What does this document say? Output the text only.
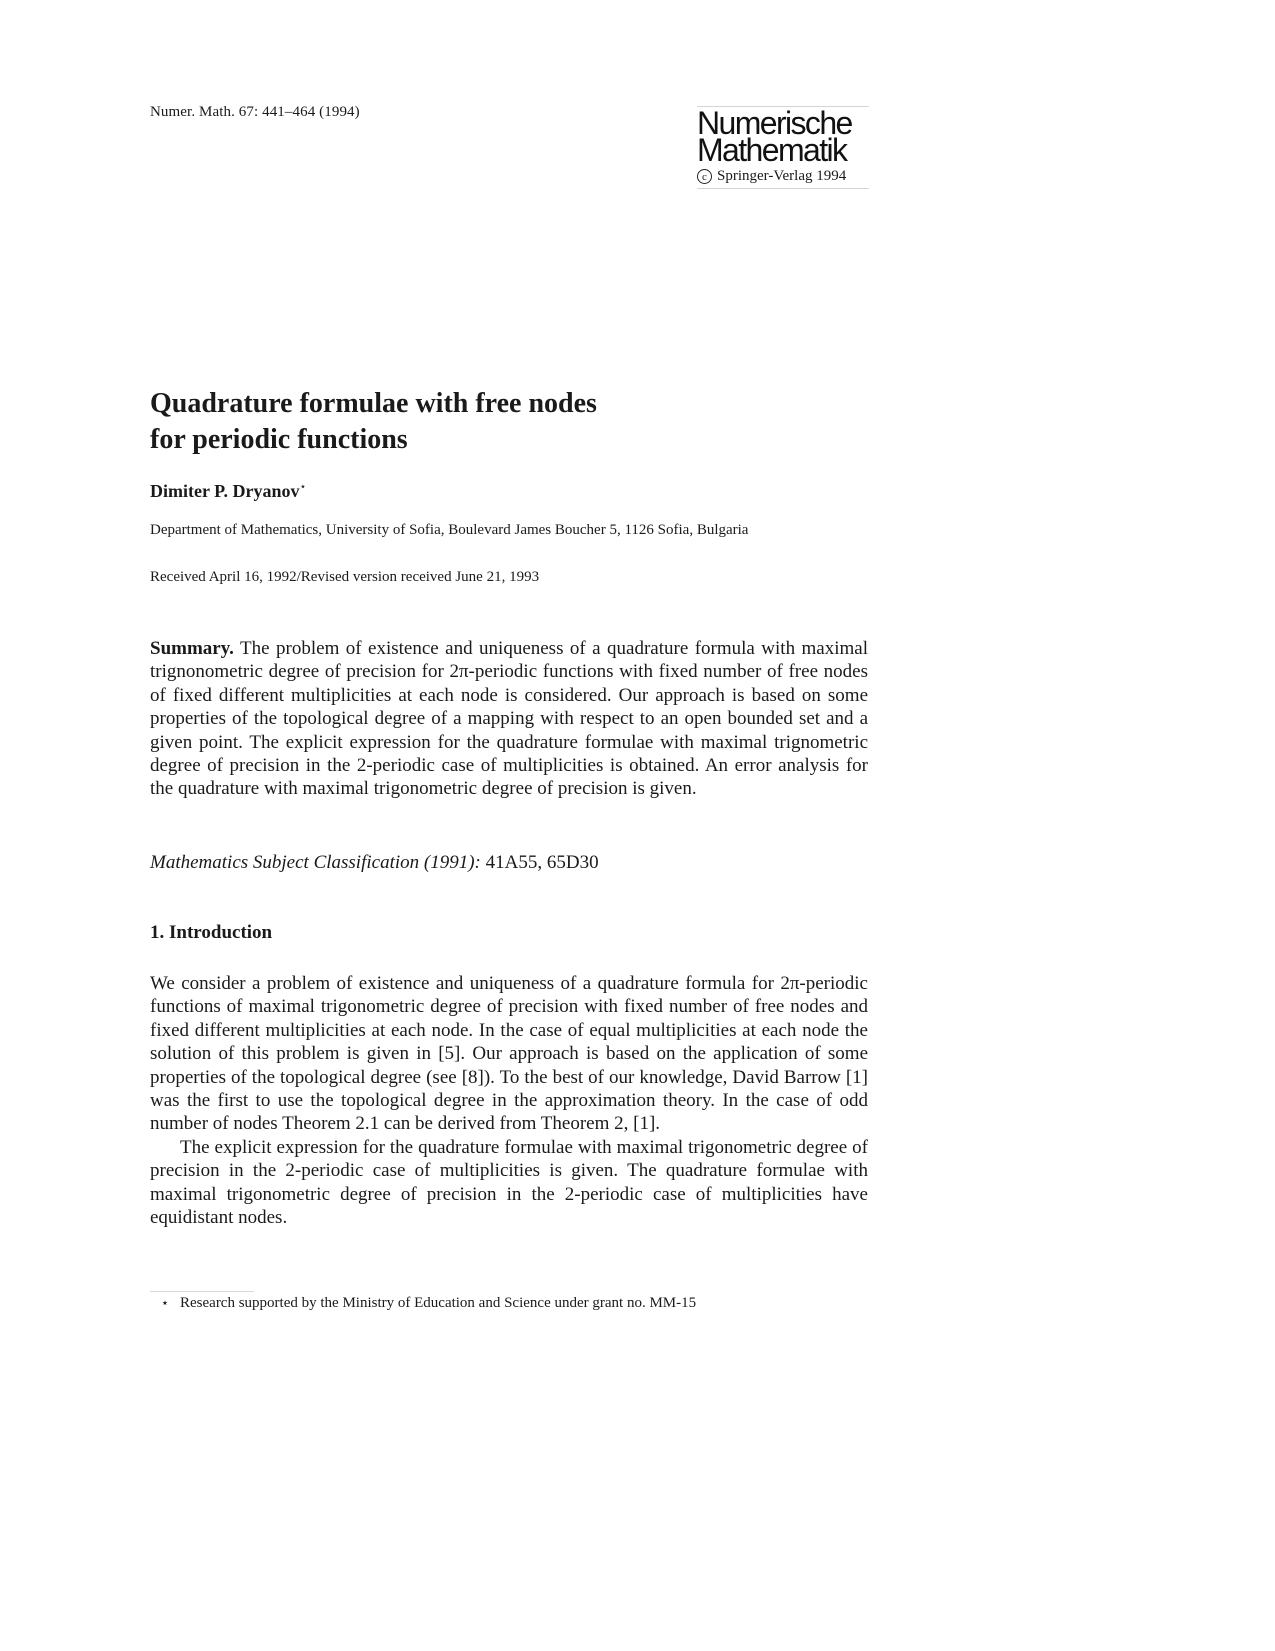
Numer. Math. 67: 441–464 (1994)	Numerische
Mathematik
c Springer-Verlag 1994
Quadrature formulae with free nodes
for periodic functions
Dimiter P. Dryanov⋆
Department of Mathematics, University of Sofia, Boulevard James Boucher 5, 1126 Sofia, Bulgaria
Received April 16, 1992/Revised version received June 21, 1993

Summary. The problem of existence and uniqueness of a quadrature formula with maximal trignonometric degree of precision for 2π-periodic functions with fixed number of free nodes of fixed different multiplicities at each node is considered. Our approach is based on some properties of the topological degree of a mapping with respect to an open bounded set and a given point. The explicit expression for the quadrature formulae with maximal trignometric degree of precision in the 2-periodic case of multiplicities is obtained. An error analysis for the quadrature with maximal trigonometric degree of precision is given.

Mathematics Subject Classification (1991): 41A55, 65D30
1. Introduction

We consider a problem of existence and uniqueness of a quadrature formula for 2π-periodic functions of maximal trigonometric degree of precision with fixed number of free nodes and fixed different multiplicities at each node. In the case of equal multiplicities at each node the solution of this problem is given in [5]. Our approach is based on the application of some properties of the topological degree (see [8]). To the best of our knowledge, David Barrow [1] was the first to use the topological degree in the approximation theory. In the case of odd number of nodes Theorem 2.1 can be derived from Theorem 2, [1].

The explicit expression for the quadrature formulae with maximal trigonometric degree of precision in the 2-periodic case of multiplicities is given. The quadrature formulae with maximal trigonometric degree of precision in the 2-periodic case of multiplicities have equidistant nodes.

⋆ Research supported by the Ministry of Education and Science under grant no. MM-15
